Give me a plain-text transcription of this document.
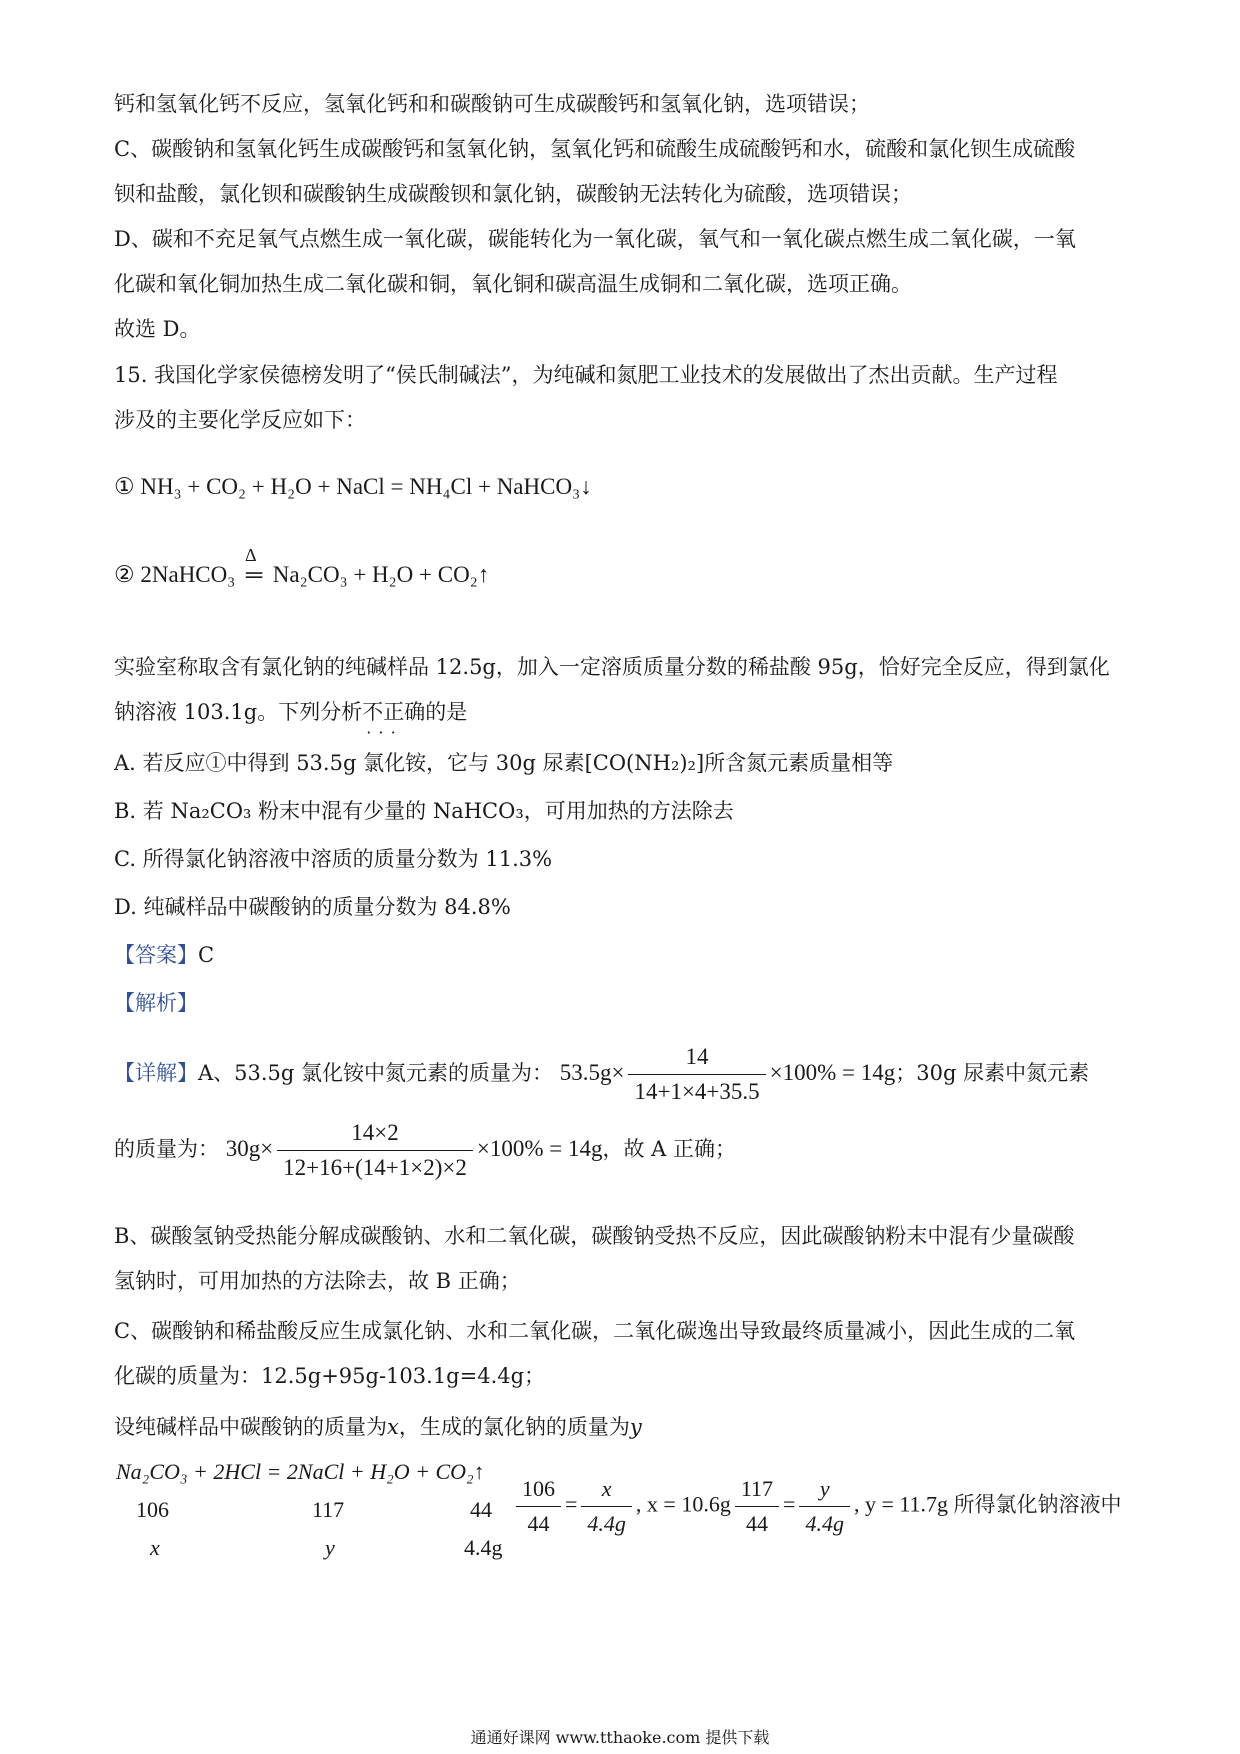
钙和氢氧化钙不反应，氢氧化钙和和碳酸钠可生成碳酸钙和氢氧化钠，选项错误；
C、碳酸钠和氢氧化钙生成碳酸钙和氢氧化钠，氢氧化钙和硫酸生成硫酸钙和水，硫酸和氯化钡生成硫酸
钡和盐酸，氯化钡和碳酸钠生成碳酸钡和氯化钠，碳酸钠无法转化为硫酸，选项错误；
D、碳和不充足氧气点燃生成一氧化碳，碳能转化为一氧化碳，氧气和一氧化碳点燃生成二氧化碳，一氧
化碳和氧化铜加热生成二氧化碳和铜，氧化铜和碳高温生成铜和二氧化碳，选项正确。
故选 D。
15. 我国化学家侯德榜发明了“侯氏制碱法”，为纯碱和氮肥工业技术的发展做出了杰出贡献。生产过程
涉及的主要化学反应如下：
① NH₃ + CO₂ + H₂O + NaCl = NH₄Cl + NaHCO₃↓
② 2NaHCO₃
Δ
═ Na₂CO₃ + H₂O + CO₂↑
实验室称取含有氯化钠的纯碱样品 12.5g，加入一定溶质质量分数的稀盐酸 95g，恰好完全反应，得到氯化
钠溶液 103.1g。下列分析不正确 · · ·的是
A. 若反应①中得到 53.5g 氯化铵，它与 30g 尿素[CO(NH₂)₂]所含氮元素质量相等
B. 若 Na₂CO₃ 粉末中混有少量的 NaHCO₃，可用加热的方法除去
C. 所得氯化钠溶液中溶质的质量分数为 11.3%
D. 纯碱样品中碳酸钠的质量分数为 84.8%
【答案】C
【解析】
【详解】A、53.5g 氯化铵中氮元素的质量为： $53.5g\times \frac{14}{14+1\times 4+35.5} \times 100\% = 14g$；30g 尿素中氮元素
的质量为： $30g\times \frac{14\times 2}{12+16+(14+1\times 2)\times 2} \times 100\% = 14g$，故 A 正确；
B、碳酸氢钠受热能分解成碳酸钠、水和二氧化碳，碳酸钠受热不反应，因此碳酸钠粉末中混有少量碳酸
氢钠时，可用加热的方法除去，故 B 正确；
C、碳酸钠和稀盐酸反应生成氯化钠、水和二氧化碳，二氧化碳逸出导致最终质量减小，因此生成的二氧
化碳的质量为：12.5g+95g-103.1g=4.4g；
设纯碱样品中碳酸钠的质量为x，生成的氯化钠的质量为y
Na₂CO₃ + 2HCl = 2NaCl + H₂O + CO₂↑
106	117	44
x	y	4.4g
$\frac{106}{44} = \frac{x}{4.4g}$ , $x = 10.6g \frac{117}{44} = \frac{y}{4.4g}$ , y = 11.7g 所得氯化钠溶液中
通通好课网 www.tthaoke.com 提供下载
